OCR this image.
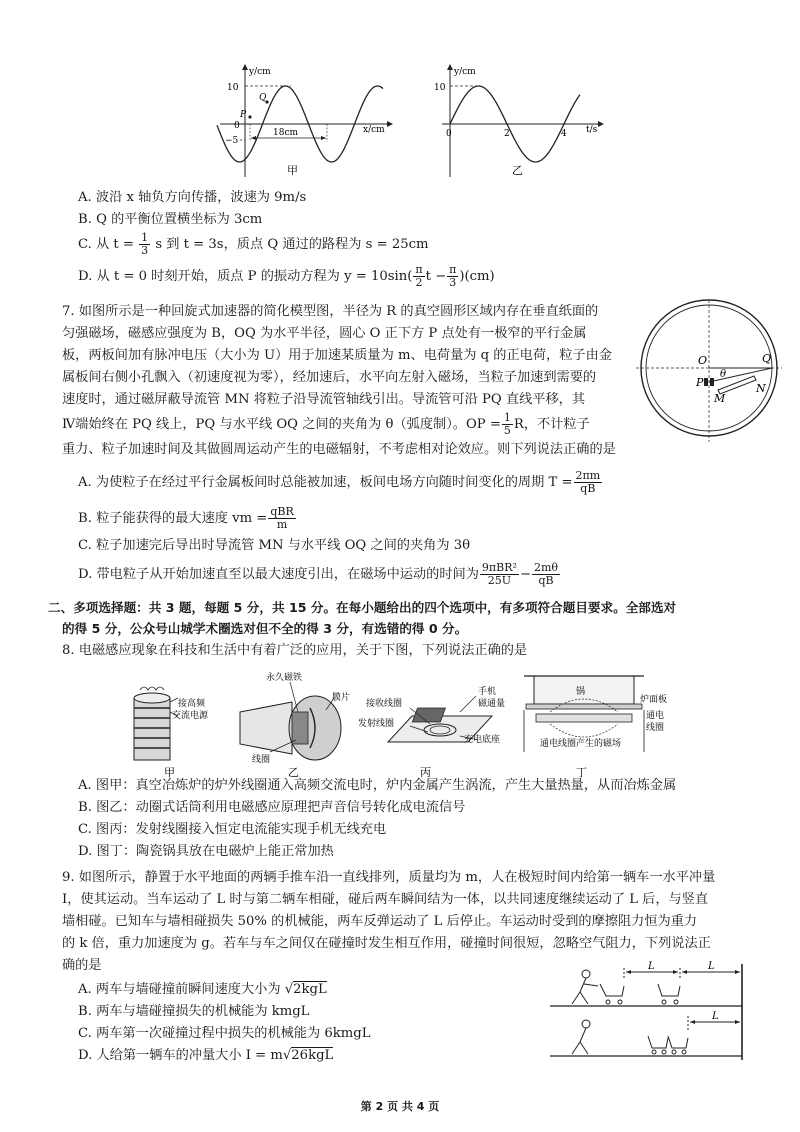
y/cm
x/cm
10
0
−5
P
Q
18cm
甲
y/cm
t/s
10
0	2	4
乙
A. 波沿 x 轴负方向传播，波速为 9m/s
B. Q 的平衡位置横坐标为 3cm
C. 从 $t = \frac{1}{3}$ s 到 t = 3s，质点 Q 通过的路程为 s = 25cm
D. 从 t = 0 时刻开始，质点 P 的振动方程为 $y = 10\sin( \frac{\pi}{2}$ $t - \frac{\pi}{3} )(cm)$
7. 如图所示是一种回旋式加速器的简化模型图，半径为 R 的真空圆形区域内存在垂直纸面的
匀强磁场，磁感应强度为 B，OQ 为水平半径，圆心 O 正下方 P 点处有一极窄的平行金属
板，两板间加有脉冲电压（大小为 U）用于加速某质量为 m、电荷量为 q 的正电荷，粒子由金
属板间右侧小孔飘入（初速度视为零），经加速后，水平向左射入磁场，当粒子加速到需要的
速度时，通过磁屏蔽导流管 MN 将粒子沿导流管轴线引出。导流管可沿 PQ 直线平移，其
Ⅳ端始终在 PQ 线上，PQ 与水平线 OQ 之间的夹角为 θ（弧度制）。OP = $\frac{1}{5}$ R，不计粒子
重力、粒子加速时间及其做圆周运动产生的电磁辐射，不考虑相对论效应。则下列说法正确的是
O	Q
P
θ
M
N
A. 为使粒子在经过平行金属板间时总能被加速，板间电场方向随时间变化的周期 $T = \frac{2\pi m}{qB}$
B. 粒子能获得的最大速度 vm = $\frac{\text{qBR}}{m}$
C. 粒子加速完后导出时导流管 MN 与水平线 OQ 之间的夹角为 3θ
D. 带电粒子从开始加速直至以最大速度引出，在磁场中运动的时间为 $\frac{\text{9πBR²}}{25U} - \frac{2m\theta}{qB}$
二、多项选择题：共 3 题，每题 5 分，共 15 分。在每小题给出的四个选项中，有多项符合题目要求。全部选对
的得 5 分，公众号山城学术圈选对但不全的得 3 分，有选错的得 0 分。
8. 电磁感应现象在科技和生活中有着广泛的应用，关于下图，下列说法正确的是
接高频
交流电源
甲
永久磁铁
膜片
线圈
乙
接收线圈
发射线圈
手机
磁通量
充电底座
丙
锅
炉面板
通电
线圈
通电线圈产生的磁场
丁
A. 图甲：真空冶炼炉的炉外线圈通入高频交流电时，炉内金属产生涡流，产生大量热量，从而冶炼金属
B. 图乙：动圈式话筒利用电磁感应原理把声音信号转化成电流信号
C. 图丙：发射线圈接入恒定电流能实现手机无线充电
D. 图丁：陶瓷锅具放在电磁炉上能正常加热
9. 如图所示，静置于水平地面的两辆手推车沿一直线排列，质量均为 m，人在极短时间内给第一辆车一水平冲量
I，使其运动。当车运动了 L 时与第二辆车相碰，碰后两车瞬间结为一体，以共同速度继续运动了 L 后，与竖直
墙相碰。已知车与墙相碰损失 50% 的机械能，两车反弹运动了 L 后停止。车运动时受到的摩擦阻力恒为重力
的 k 倍，重力加速度为 g。若车与车之间仅在碰撞时发生相互作用，碰撞时间很短，忽略空气阻力，下列说法正
确的是
A. 两车与墙碰撞前瞬间速度大小为 √2kgL
B. 两车与墙碰撞损失的机械能为 kmgL
C. 两车第一次碰撞过程中损失的机械能为 6kmgL
D. 人给第一辆车的冲量大小 I = m√26kgL
L	L
L
第 2 页 共 4 页
